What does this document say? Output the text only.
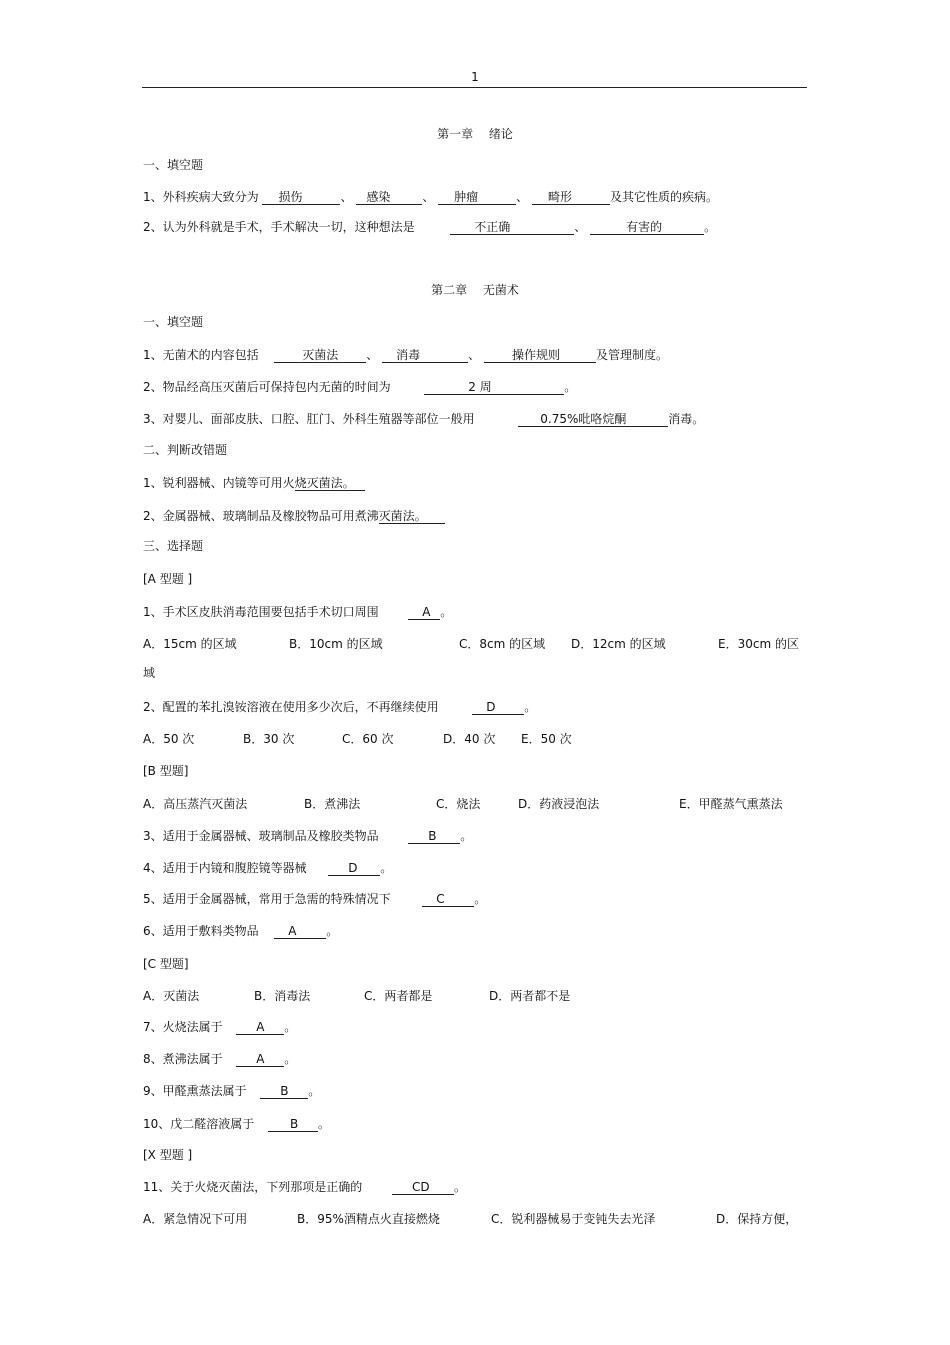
1
第一章　 绪论
一、填空题
1、外科疾病大致分为 损伤	、 感染	、 肿瘤	、 畸形	及其它性质的疾病。
2、认为外科就是手术，手术解决一切，这种想法是	不正确	、	有害的	。
第二章　 无菌术
一、填空题
1、无菌术的内容包括	灭菌法 、 消毒	、	操作规则	及管理制度。
2、物品经高压灭菌后可保持包内无菌的时间为	2 周	。
3、对婴儿、面部皮肤、口腔、肛门、外科生殖器等部位一般用	0.75%吡咯烷酮	消毒。
二、判断改错题
1、锐利器械、内镜等可用火烧灭菌法。
2、金属器械、玻璃制品及橡胶物品可用煮沸灭菌法。
三、选择题
[A 型题 ]
1、手术区皮肤消毒范围要包括手术切口周围	A 。
A．15cm 的区域	B．10cm 的区域	C．8cm 的区域 D．12cm 的区域	E．30cm 的区
域
2、配置的苯扎溴铵溶液在使用多少次后，不再继续使用	D 。
A．50 次	B．30 次	C．60 次	D．40 次 E．50 次
[B 型题]
A．高压蒸汽灭菌法	B．煮沸法	C．烧法	D．药液浸泡法	E．甲醛蒸气熏蒸法
3、适用于金属器械、玻璃制品及橡胶类物品	B 。
4、适用于内镜和腹腔镜等器械	D 。
5、适用于金属器械，常用于急需的特殊情况下	C 。
6、适用于敷料类物品 A 。
[C 型题]
A．灭菌法	B．消毒法	C．两者都是	D．两者都不是
7、火烧法属于	A 。
8、煮沸法属于	A 。
9、甲醛熏蒸法属于	B 。
10、戊二醛溶液属于	B 。
[X 型题 ]
11、关于火烧灭菌法，下列那项是正确的	CD 。
A．紧急情况下可用	B．95%酒精点火直接燃烧	C．锐利器械易于变钝失去光泽	D．保持方便，
